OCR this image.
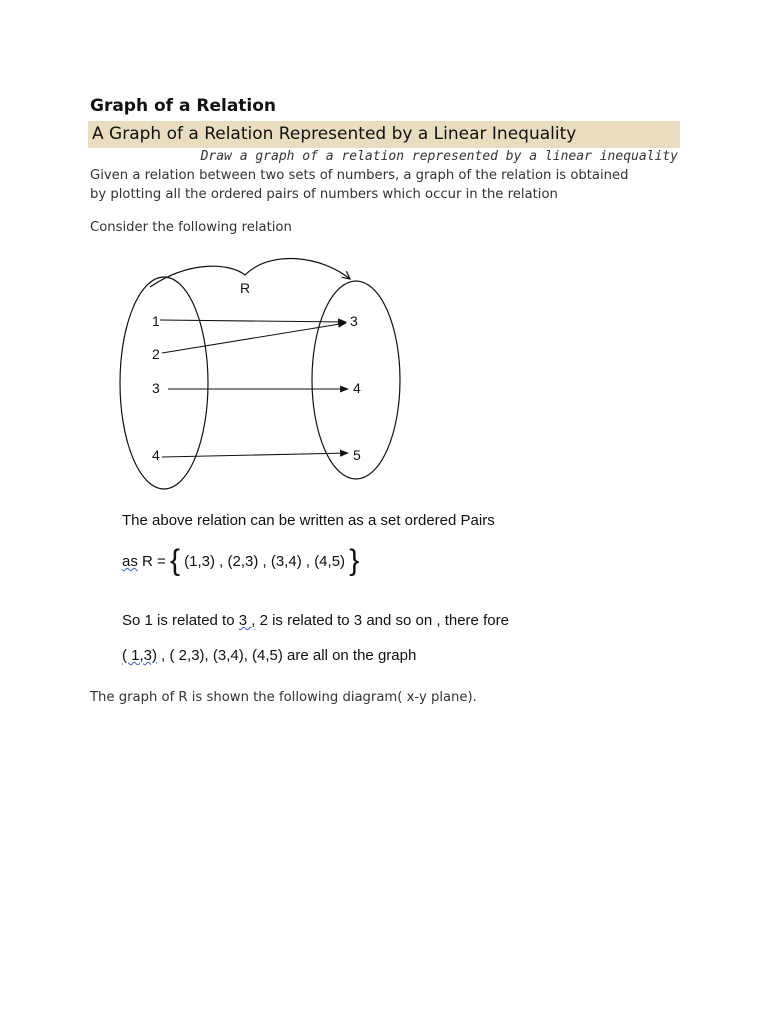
Graph of a Relation
A Graph of a Relation Represented by a Linear Inequality
Draw a graph of a relation represented by a linear inequality
Given a relation between two sets of numbers, a graph of the relation is obtained
by plotting all the ordered pairs of numbers which occur in the relation
Consider the following relation
R
1
2
3
4
3
4
5
The above relation can be written as a set ordered Pairs
as R = { (1,3) , (2,3) , (3,4) , (4,5) }
So 1 is related to 3 , 2 is related to 3 and so on , there fore
( 1,3) , ( 2,3), (3,4), (4,5) are all on the graph
The graph of R is shown the following diagram( x-y plane).
